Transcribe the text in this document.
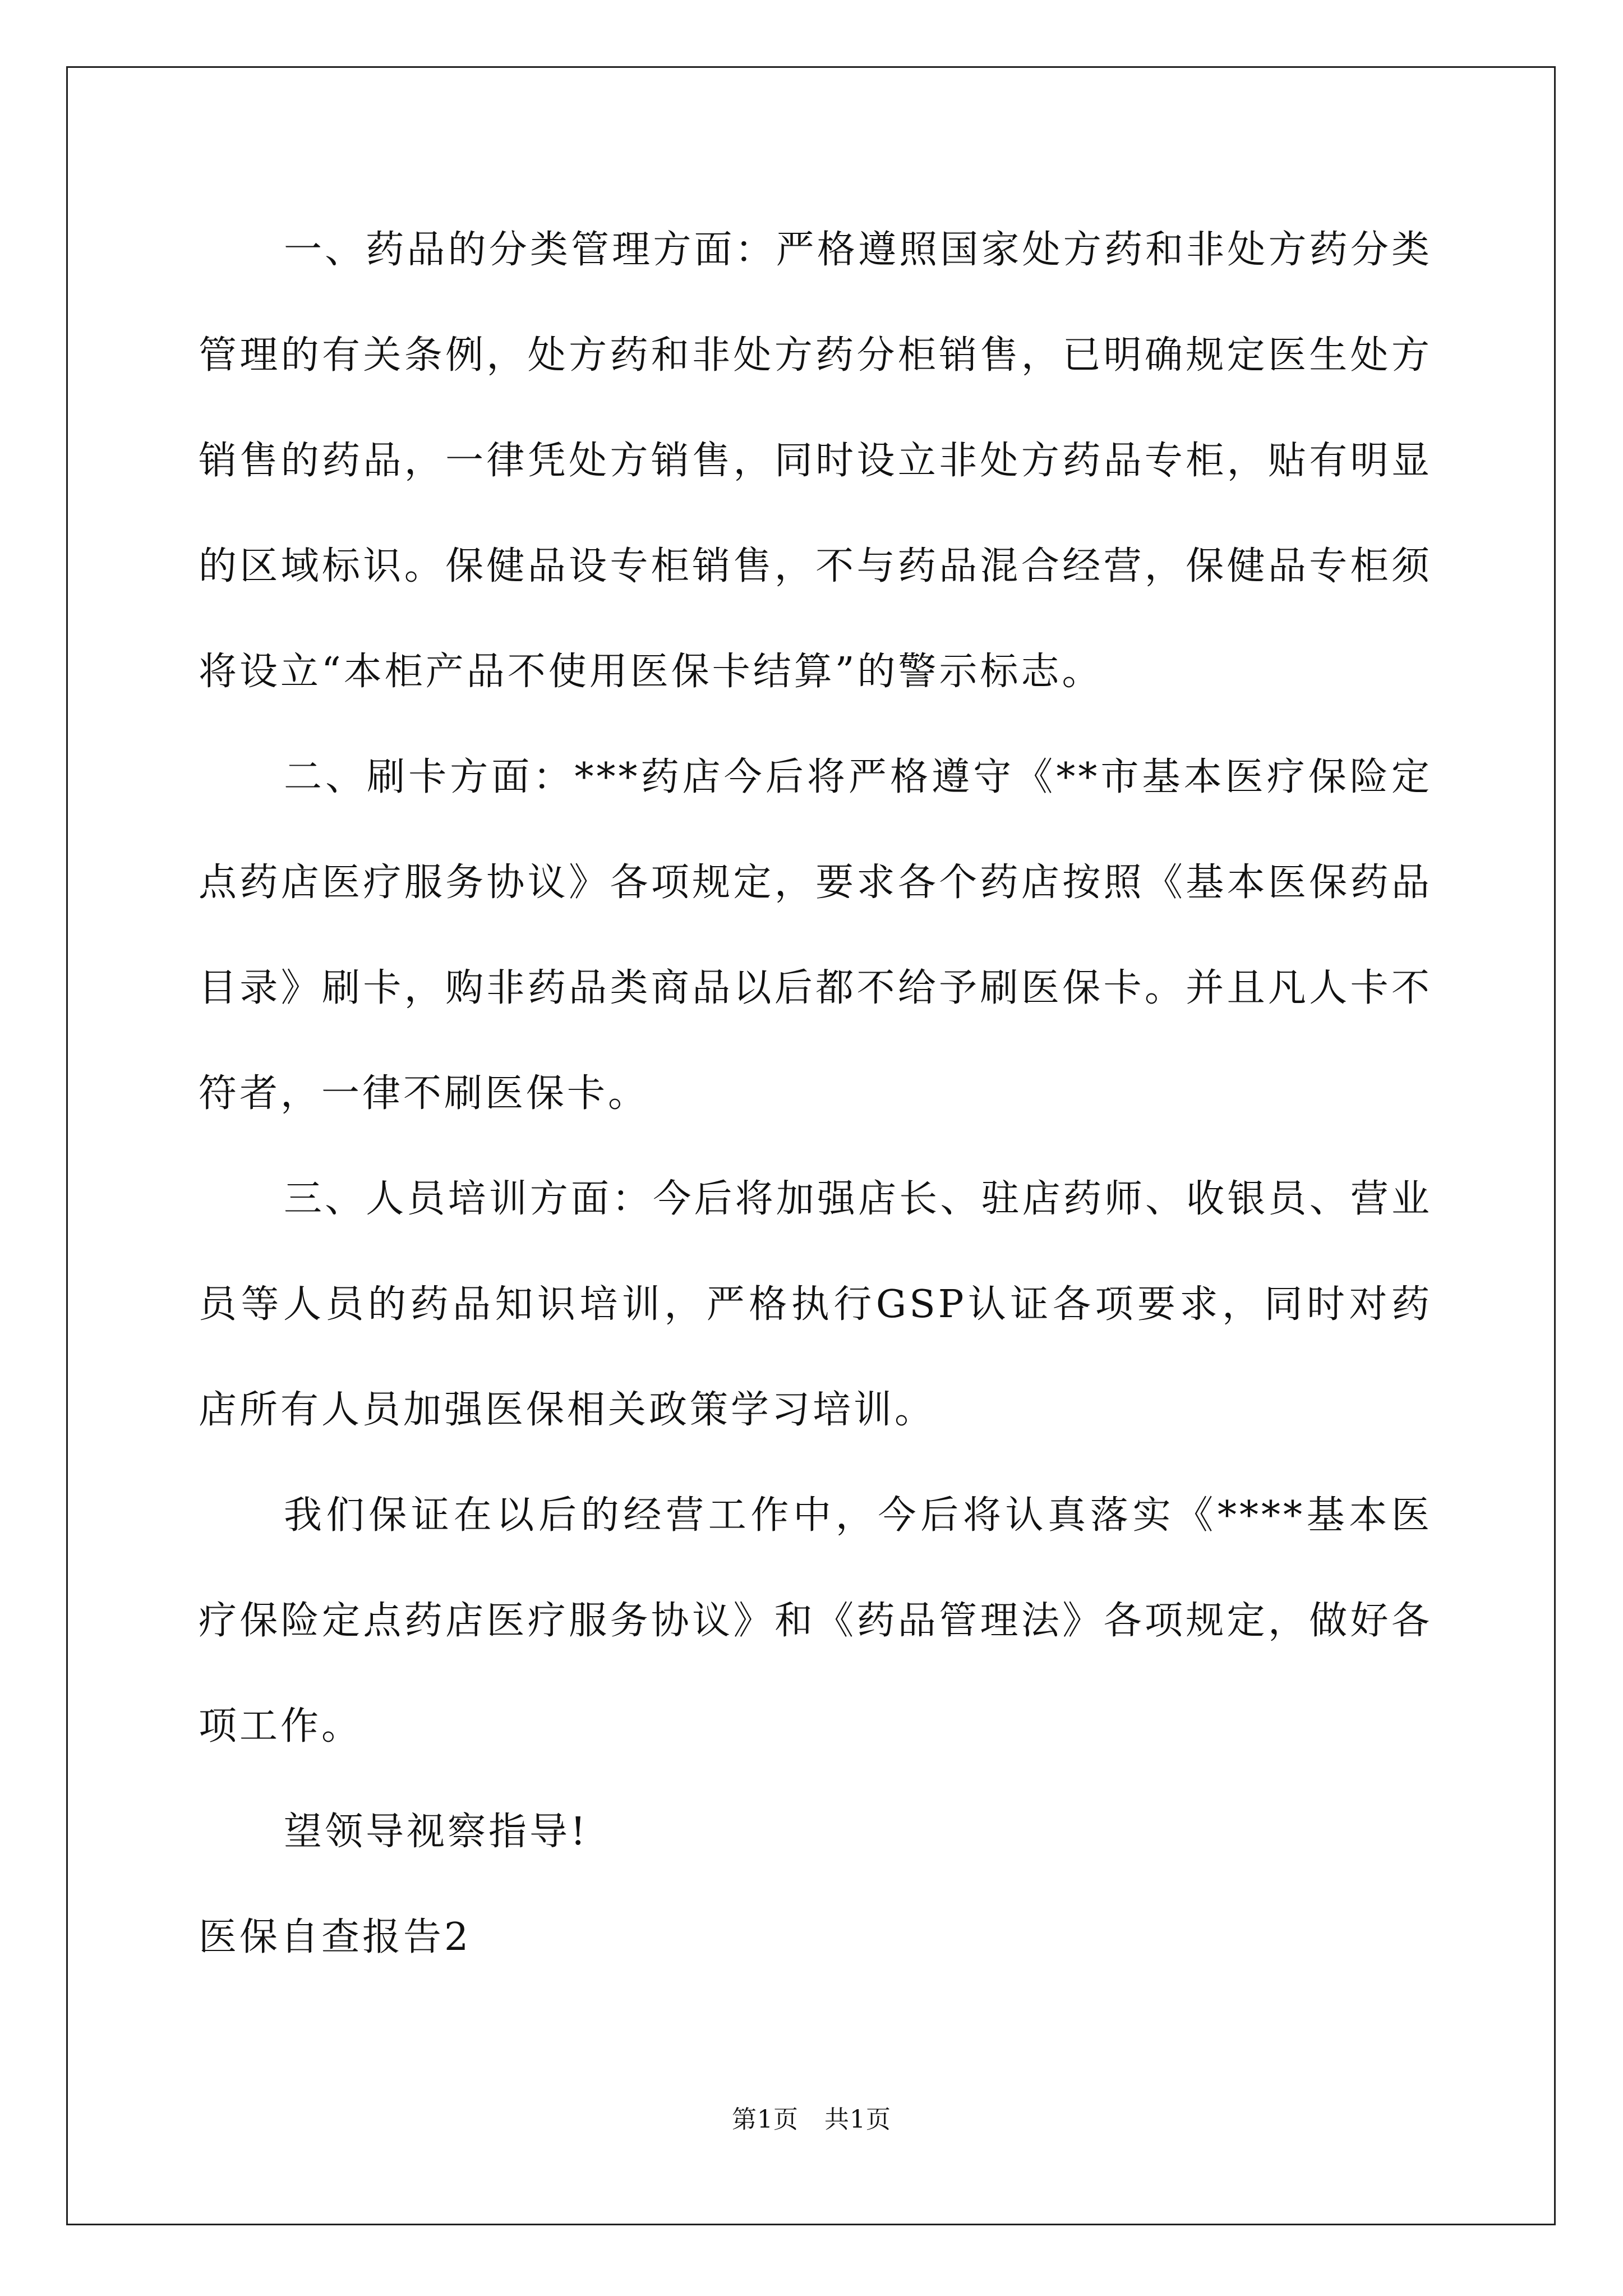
一、药品的分类管理方面：严格遵照国家处方药和非处方药分类管理的有关条例，处方药和非处方药分柜销售，已明确规定医生处方销售的药品，一律凭处方销售，同时设立非处方药品专柜，贴有明显的区域标识。保健品设专柜销售，不与药品混合经营，保健品专柜须将设立“本柜产品不使用医保卡结算”的警示标志。

二、刷卡方面：***药店今后将严格遵守《**市基本医疗保险定点药店医疗服务协议》各项规定，要求各个药店按照《基本医保药品目录》刷卡，购非药品类商品以后都不给予刷医保卡。并且凡人卡不符者，一律不刷医保卡。

三、人员培训方面：今后将加强店长、驻店药师、收银员、营业员等人员的药品知识培训，严格执行GSP认证各项要求，同时对药店所有人员加强医保相关政策学习培训。

我们保证在以后的经营工作中，今后将认真落实《****基本医疗保险定点药店医疗服务协议》和《药品管理法》各项规定，做好各项工作。

望领导视察指导!

医保自查报告2

第1页 共1页
